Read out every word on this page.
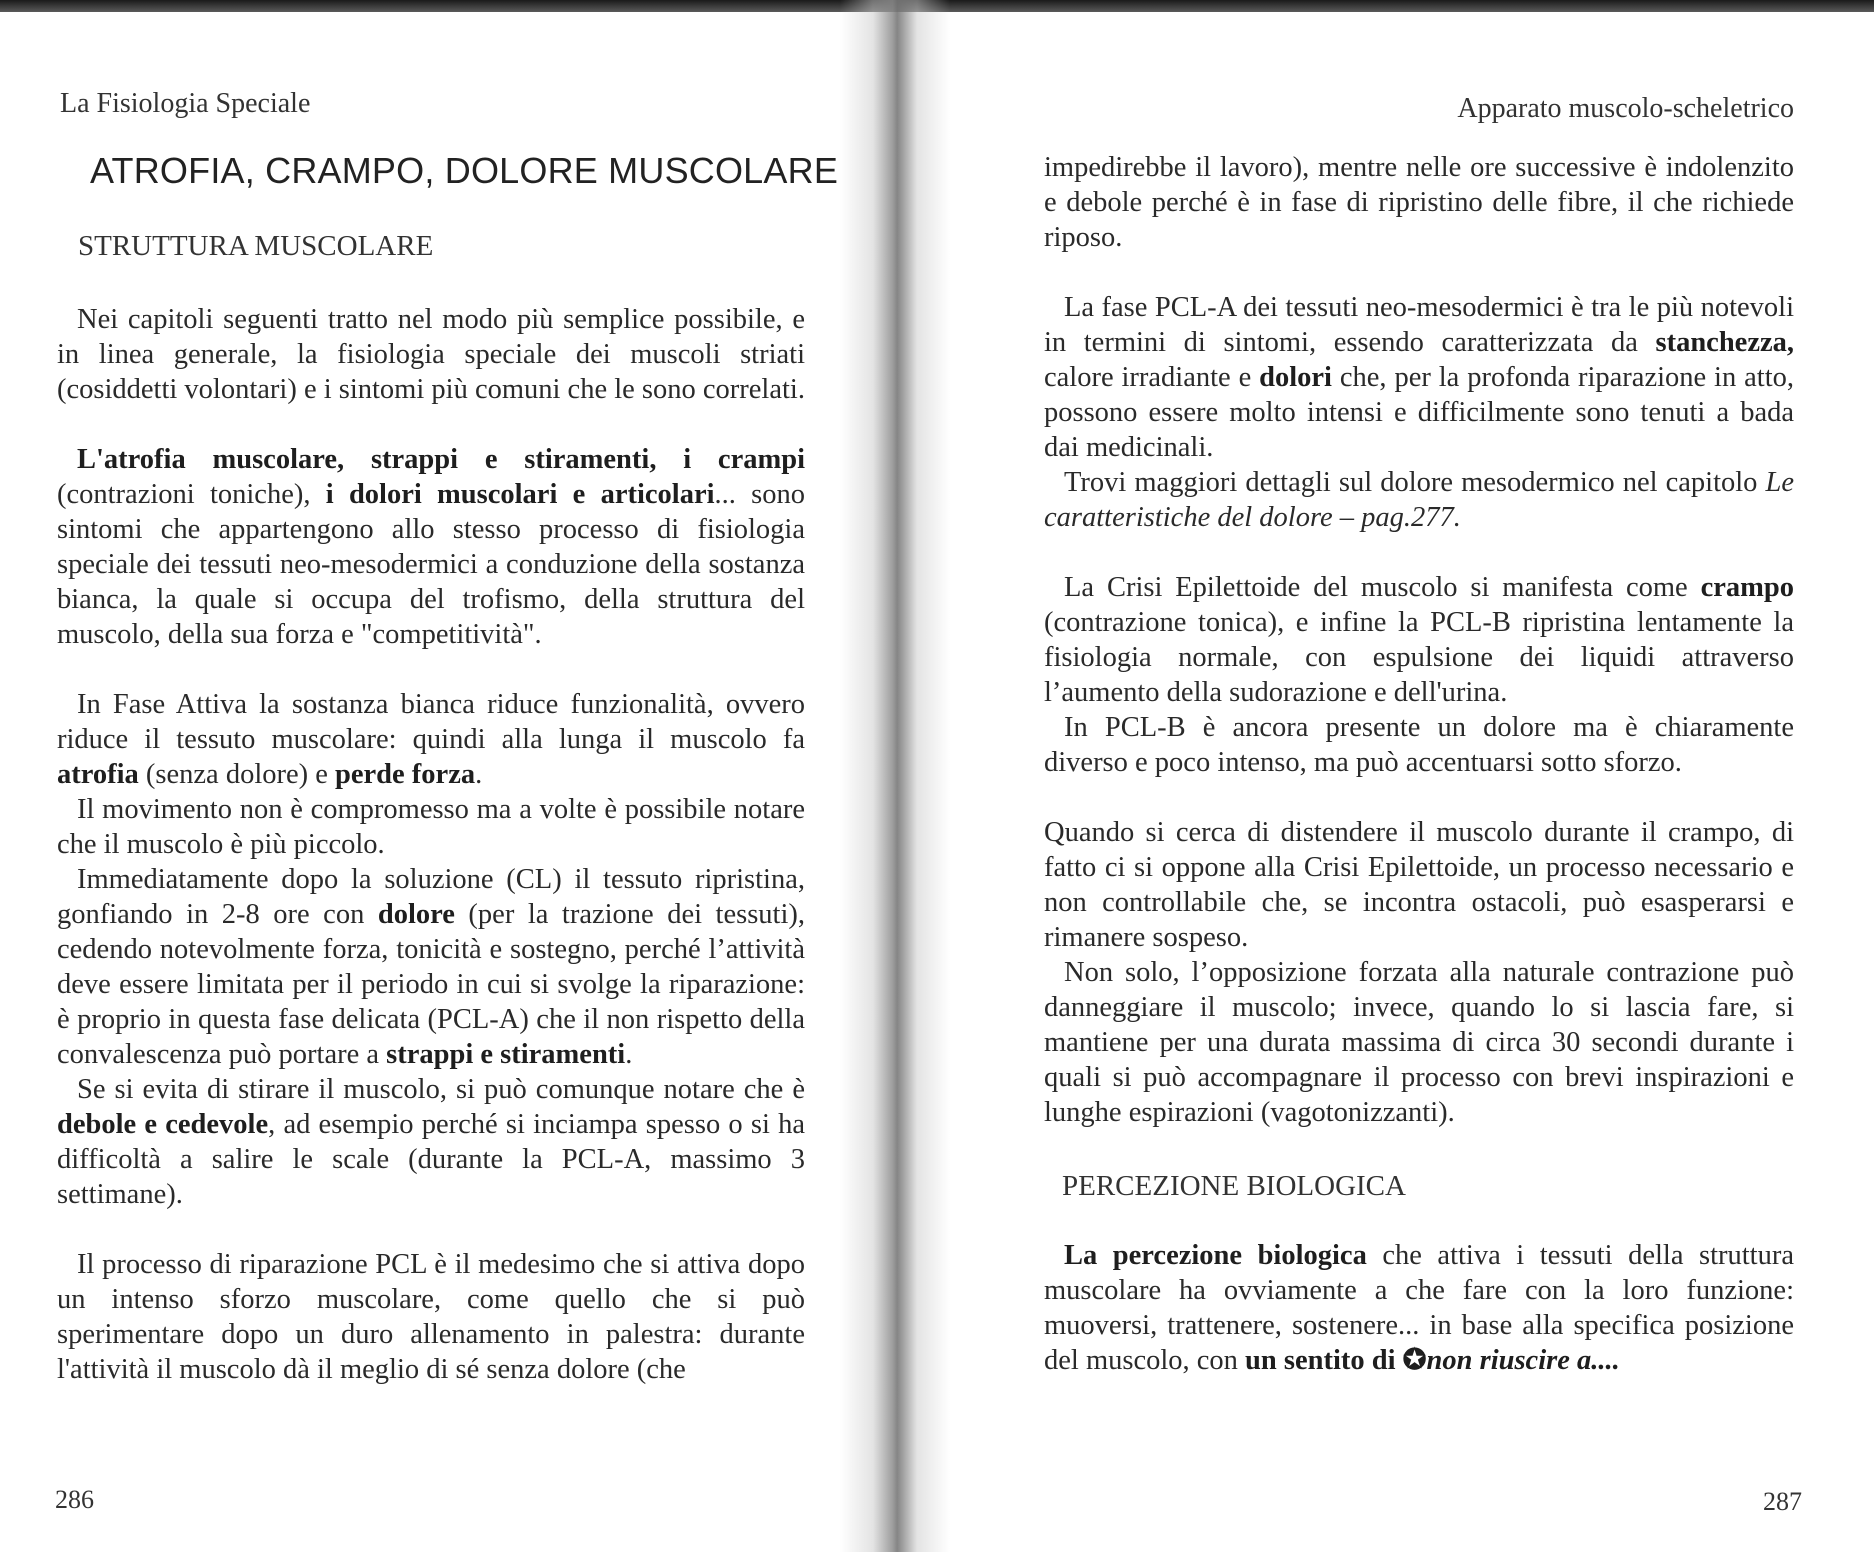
La Fisiologia Speciale
ATROFIA, CRAMPO, DOLORE MUSCOLARE
STRUTTURA MUSCOLARE

Nei capitoli seguenti tratto nel modo più semplice possibile, e in linea generale, la fisiologia speciale dei muscoli striati (cosiddetti volontari) e i sintomi più comuni che le sono correlati.

L'atrofia muscolare, strappi e stiramenti, i crampi (contrazioni toniche), i dolori muscolari e articolari... sono sintomi che appartengono allo stesso processo di fisiologia speciale dei tessuti neo-mesodermici a conduzione della sostanza bianca, la quale si occupa del trofismo, della struttura del muscolo, della sua forza e "competitività".

In Fase Attiva la sostanza bianca riduce funzionalità, ovvero riduce il tessuto muscolare: quindi alla lunga il muscolo fa atrofia (senza dolore) e perde forza.

Il movimento non è compromesso ma a volte è possibile notare che il muscolo è più piccolo.

Immediatamente dopo la soluzione (CL) il tessuto ripristina, gonfiando in 2-8 ore con dolore (per la trazione dei tessuti), cedendo notevolmente forza, tonicità e sostegno, perché l’attività deve essere limitata per il periodo in cui si svolge la riparazione: è proprio in questa fase delicata (PCL-A) che il non rispetto della convalescenza può portare a strappi e stiramenti.

Se si evita di stirare il muscolo, si può comunque notare che è debole e cedevole, ad esempio perché si inciampa spesso o si ha difficoltà a salire le scale (durante la PCL-A, massimo 3 settimane).

Il processo di riparazione PCL è il medesimo che si attiva dopo un intenso sforzo muscolare, come quello che si può sperimentare dopo un duro allenamento in palestra: durante l'attività il muscolo dà il meglio di sé senza dolore (che

286
Apparato muscolo-scheletrico

impedirebbe il lavoro), mentre nelle ore successive è indolenzito e debole perché è in fase di ripristino delle fibre, il che richiede riposo.

La fase PCL-A dei tessuti neo-mesodermici è tra le più notevoli in termini di sintomi, essendo caratterizzata da stanchezza, calore irradiante e dolori che, per la profonda riparazione in atto, possono essere molto intensi e difficilmente sono tenuti a bada dai medicinali.

Trovi maggiori dettagli sul dolore mesodermico nel capitolo Le caratteristiche del dolore – pag.277.

La Crisi Epilettoide del muscolo si manifesta come crampo (contrazione tonica), e infine la PCL-B ripristina lentamente la fisiologia normale, con espulsione dei liquidi attraverso l’aumento della sudorazione e dell'urina.

In PCL-B è ancora presente un dolore ma è chiaramente diverso e poco intenso, ma può accentuarsi sotto sforzo.

Quando si cerca di distendere il muscolo durante il crampo, di fatto ci si oppone alla Crisi Epilettoide, un processo necessario e non controllabile che, se incontra ostacoli, può esasperarsi e rimanere sospeso.

Non solo, l’opposizione forzata alla naturale contrazione può danneggiare il muscolo; invece, quando lo si lascia fare, si mantiene per una durata massima di circa 30 secondi durante i quali si può accompagnare il processo con brevi inspirazioni e lunghe espirazioni (vagotonizzanti).

PERCEZIONE BIOLOGICA

La percezione biologica che attiva i tessuti della struttura muscolare ha ovviamente a che fare con la loro funzione: muoversi, trattenere, sostenere... in base alla specifica posizione del muscolo, con un sentito di ✪non riuscire a....

287
